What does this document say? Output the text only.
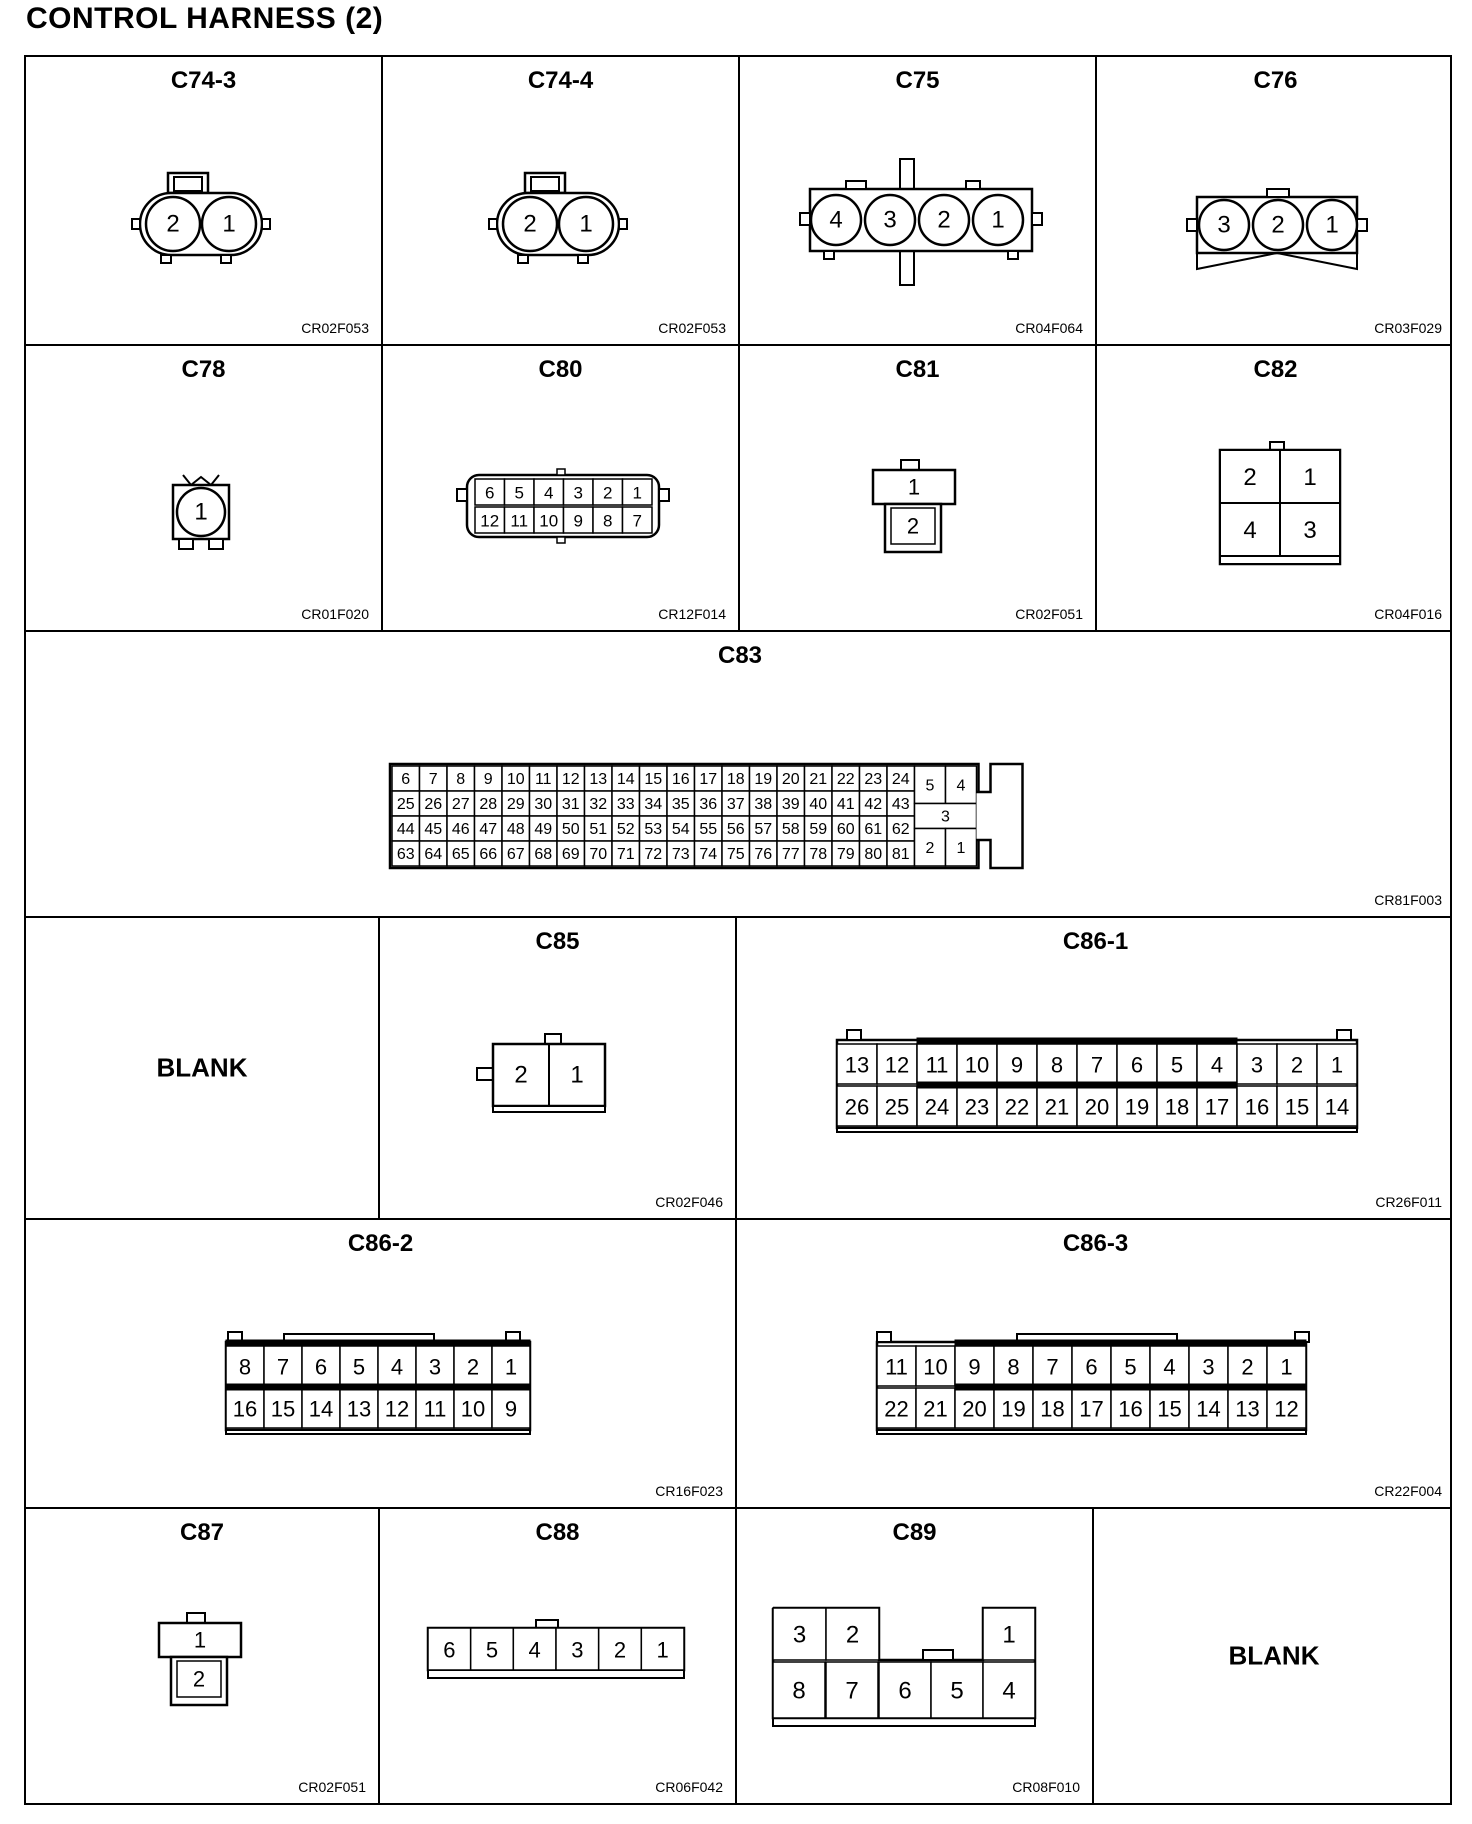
CONTROL HARNESS (2)
C74-3
2 1
CR02F053
C74-4
2 1
CR02F053
C75
4 3 2 1
CR04F064
C76
3 2 1
CR03F029
C78
1
CR01F020
C80
6 5 4 3 2 1
12 11 10 9 8 7
CR12F014
C81
1
2
CR02F051
C82
2 1
4 3
CR04F016
C83
6 7 8 9 10 11 12 13 14 15 16 17 18 19 20 21 22 23 24
25 26 27 28 29 30 31 32 33 34 35 36 37 38 39 40 41 42 43
44 45 46 47 48 49 50 51 52 53 54 55 56 57 58 59 60 61 62
63 64 65 66 67 68 69 70 71 72 73 74 75 76 77 78 79 80 81
5 4
3
2 1
CR81F003
BLANK
C85
2 1
CR02F046
C86-1
13 12 11 10 9 8 7 6 5 4 3 2 1
26 25 24 23 22 21 20 19 18 17 16 15 14
CR26F011
C86-2
8 7 6 5 4 3 2 1
16 15 14 13 12 11 10 9
CR16F023
C86-3
11 10 9 8 7 6 5 4 3 2 1
22 21 20 19 18 17 16 15 14 13 12
CR22F004
C87
1
2
CR02F051
C88
6 5 4 3 2 1
CR06F042
C89
3 2	1
8 7 6 5 4
CR08F010
BLANK
